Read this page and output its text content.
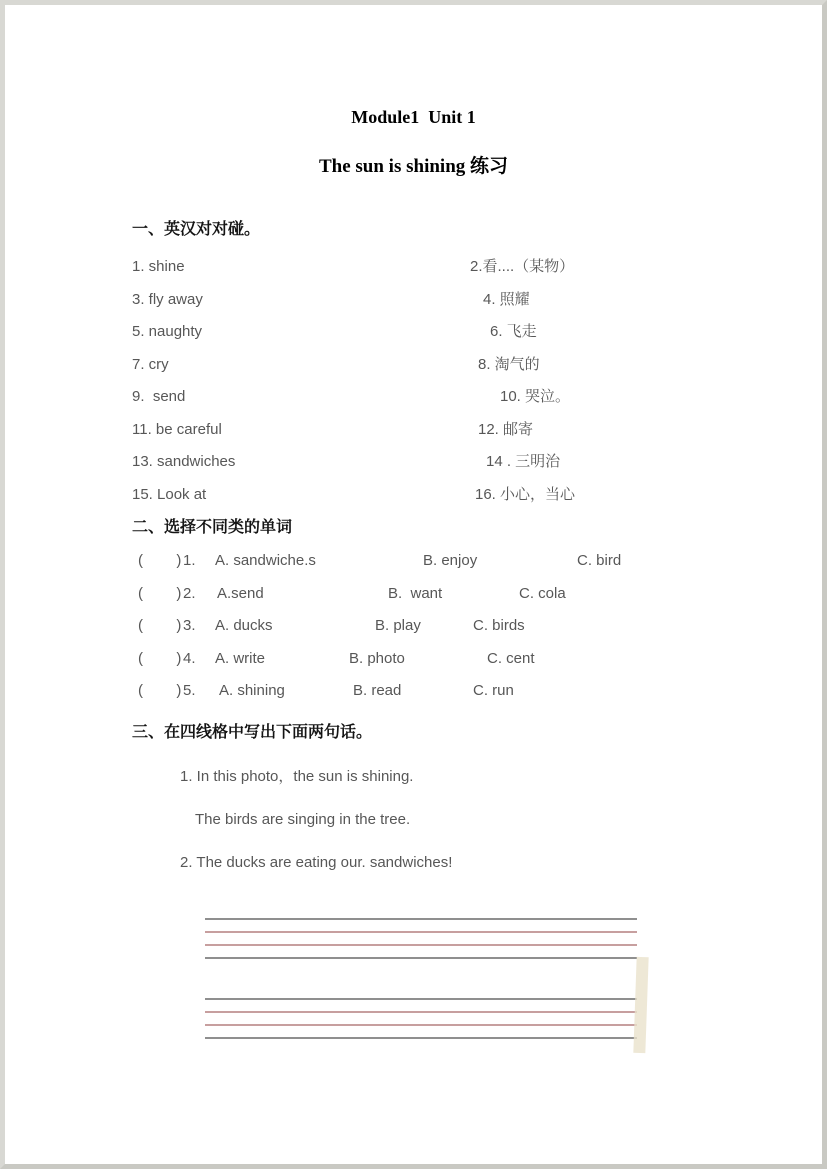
Module1  Unit 1
The sun is shining 练习
一、英汉对对碰。
1. shine	2.看....（某物）
3. fly away	4. 照耀
5. naughty	6. 飞走
7. cry	8. 淘气的
9.  send	10. 哭泣。
11. be careful	12. 邮寄
13. sandwiches	14 . 三明治
15. Look at	16. 小心，当心
二、选择不同类的单词
(        ) 1. A. sandwiche.s	B. enjoy	C. bird
(        ) 2. A.send	B.  want	C. cola
(        ) 3. A. ducks	B. play	C. birds
(        ) 4. A. write	B. photo	C. cent
(        ) 5. A. shining	B. read	C. run
三、在四线格中写出下面两句话。

1. In this photo，the sun is shining.

The birds are singing in the tree.

2. The ducks are eating our. sandwiches!
